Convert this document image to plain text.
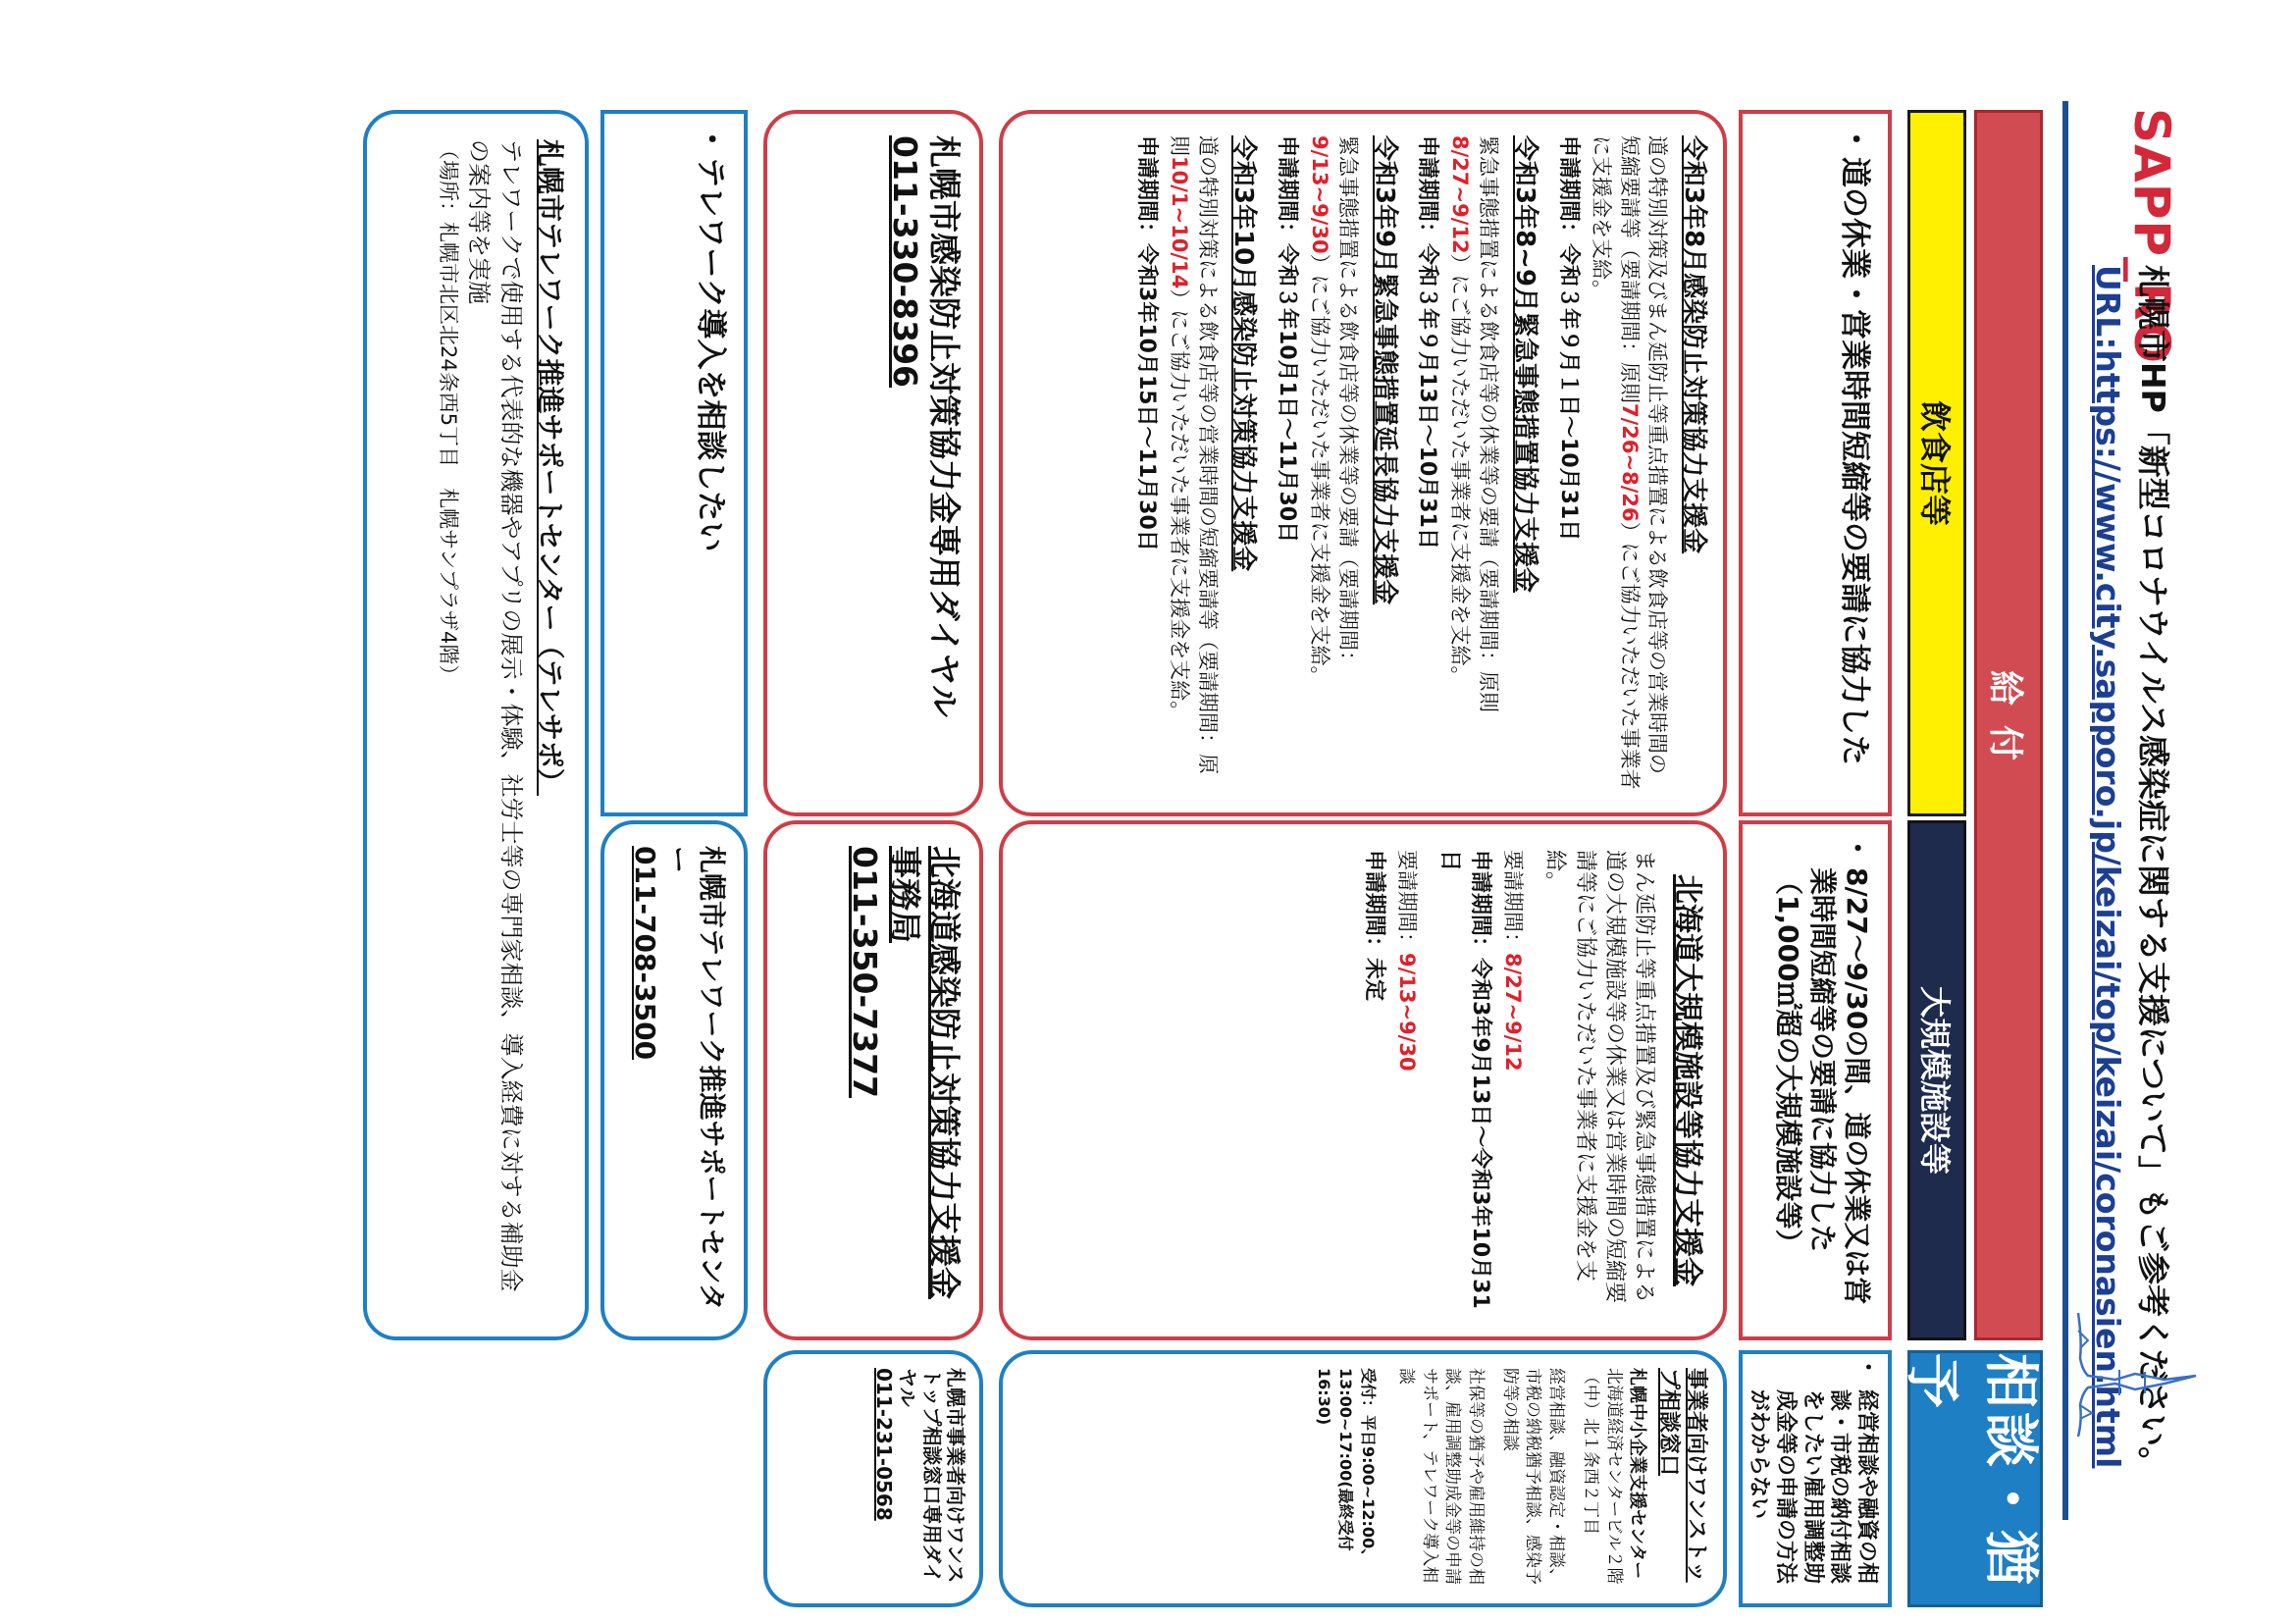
SAPP_RO
札幌市HP「新型コロナウイルス感染症に関する支援について」もご参考ください。
URL:https://www.city.sapporo.jp/keizai/top/keizai/coronasien.html
給付
飲食店等
大規模施設等
相談・猶予
・ 道の休業・営業時間短縮等の要請に協力した
令和3年8月感染防止対策協力支援金
道の特別対策及びまん延防止等重点措置による飲食店等の営業時間の短縮要請等（要請期間：原則7/26~8/26）にご協力いただいた事業者に支援金を支給。
申請期間：令和３年９月１日～10月31日
令和3年8~9月緊急事態措置協力支援金
緊急事態措置による飲食店等の休業等の要請（要請期間：原則8/27~9/12）にご協力いただいた事業者に支援金を支給。
申請期間：令和３年９月13日～10月31日
令和3年9月緊急事態措置延長協力支援金
緊急事態措置による飲食店等の休業等の要請（要請期間：9/13~9/30）にご協力いただいた事業者に支援金を支給。
申請期間：令和３年10月1日～11月30日
令和3年10月感染防止対策協力支援金
道の特別対策による飲食店等の営業時間の短縮要請等（要請期間：原則10/1~10/14）にご協力いただいた事業者に支援金を支給。
申請期間：令和3年10月15日～11月30日
札幌市感染防止対策協力金専用ダイヤル
011-330-8396
・ 8/27～9/30の間、道の休業又は営業時間短縮等の要請に協力した（1,000㎡超の大規模施設等）
北海道大規模施設等協力支援金
まん延防止等重点措置及び緊急事態措置による道の大規模施設等の休業又は営業時間の短縮要請等にご協力いただいた事業者に支援金を支給。
要請期間：8/27~9/12
申請期間：令和3年9月13日～令和3年10月31日
要請期間：9/13~9/30
申請期間：未定
北海道感染防止対策協力支援金事務局
011-350-7377
・ 経営相談や融資の相談・市税の納付相談をしたい雇用調整助成金等の申請の方法がわからない
事業者向けワンストップ相談窓口
札幌中小企業支援センター
北海道経済センタービル２階（中）北１条西２丁目
経営相談、融資認定・相談、市税の納税猶予相談、感染予防等の相談
社保等の猶予や雇用維持の相談、雇用調整助成金等の申請サポート、テレワーク導入相談
受付：平日9:00~12:00、13:00~17:00(最終受付16:30)
札幌市事業者向けワンストップ相談窓口専用ダイヤル
011-231-0568
・ テレワーク導入を相談したい
札幌市テレワーク推進サポートセンター（テレサポ）
テレワークで使用する代表的な機器やアプリの展示・体験、社労士等の専門家相談、導入経費に対する補助金の案内等を実施
（場所：札幌市北区北24条西5丁目　札幌サンプラザ4階）
札幌市テレワーク推進サポートセンター
011-708-3500
